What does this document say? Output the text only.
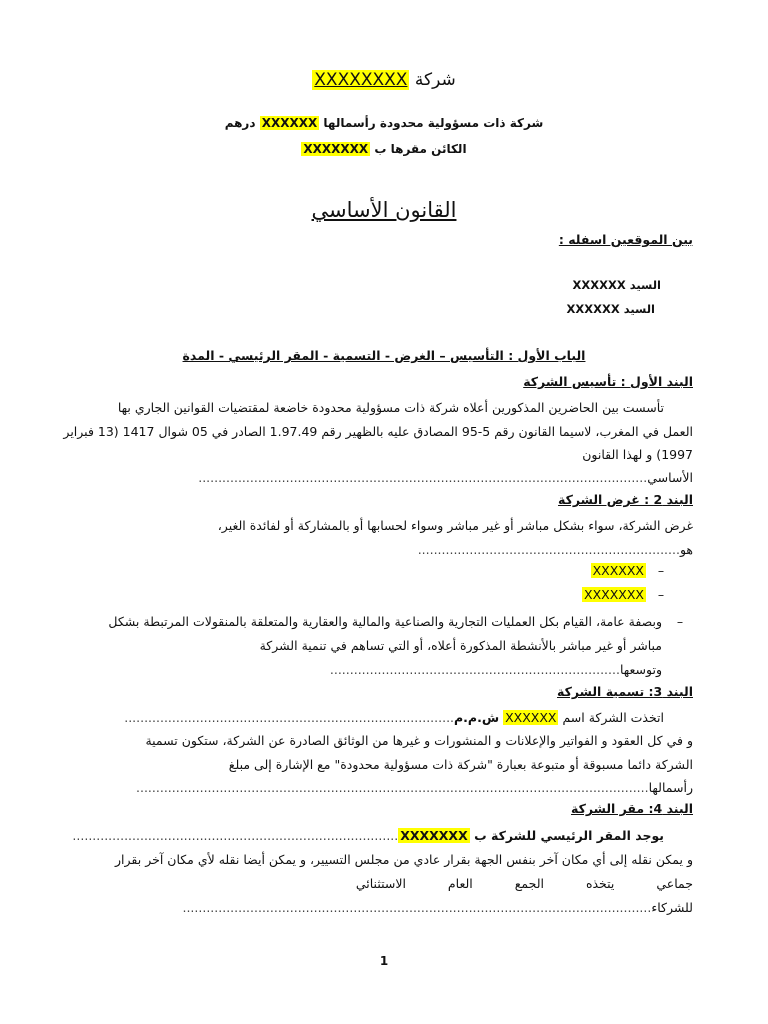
شركة XXXXXXXX
شركة ذات مسؤولية محدودة رأسمالها XXXXXX درهم
الكائن مقرها ب XXXXXXX
القانون الأساسي
بين الموقعين اسفله :
السيد XXXXXX
السيد XXXXXX
الباب الأول : التأسيس – الغرض - التسمية - المقر الرئيسي - المدة
البند الأول : تأسيس الشركة
تأسست بين الحاضرين المذكورين أعلاه شركة ذات مسؤولية محدودة خاضعة لمقتضيات القوانين الجاري بها
العمل في المغرب، لاسيما القانون رقم 5-95 المصادق عليه بالظهير رقم 1.97.49 الصادر في 05 شوال 1417 (13 فبراير
1997) و لهذا القانون
الأساسي.................................................................................................................
البند 2 : غرض الشركة
غرض الشركة، سواء بشكل مباشر أو غير مباشر وسواء لحسابها أو بالمشاركة أو لفائدة الغير،
هو..................................................................
–XXXXXX
–XXXXXXX
–وبصفة عامة، القيام بكل العمليات التجارية والصناعية والمالية والعقارية والمتعلقة بالمنقولات المرتبطة بشكل
مباشر أو غير مباشر بالأنشطة المذكورة أعلاه، أو التي تساهم في تنمية الشركة
وتوسعها.........................................................................
البند 3: تسمية الشركة
اتخذت الشركة اسم XXXXXX ش.م.م...................................................................................
و في كل العقود و الفواتير والإعلانات و المنشورات و غيرها من الوثائق الصادرة عن الشركة، ستكون تسمية
الشركة دائما مسبوقة أو متبوعة بعبارة "شركة ذات مسؤولية محدودة" مع الإشارة إلى مبلغ
رأسمالها.................................................................................................................................
البند 4: مقر الشركة
يوجد المقر الرئيسي للشركة ب XXXXXXX..................................................................................
و يمكن نقله إلى أي مكان آخر بنفس الجهة بقرار عادي من مجلس التسيير، و يمكن أيضا نقله لأي مكان آخر بقرار
جماعي يتخذه الجمع العام الاستثنائي
للشركاء......................................................................................................................
1
